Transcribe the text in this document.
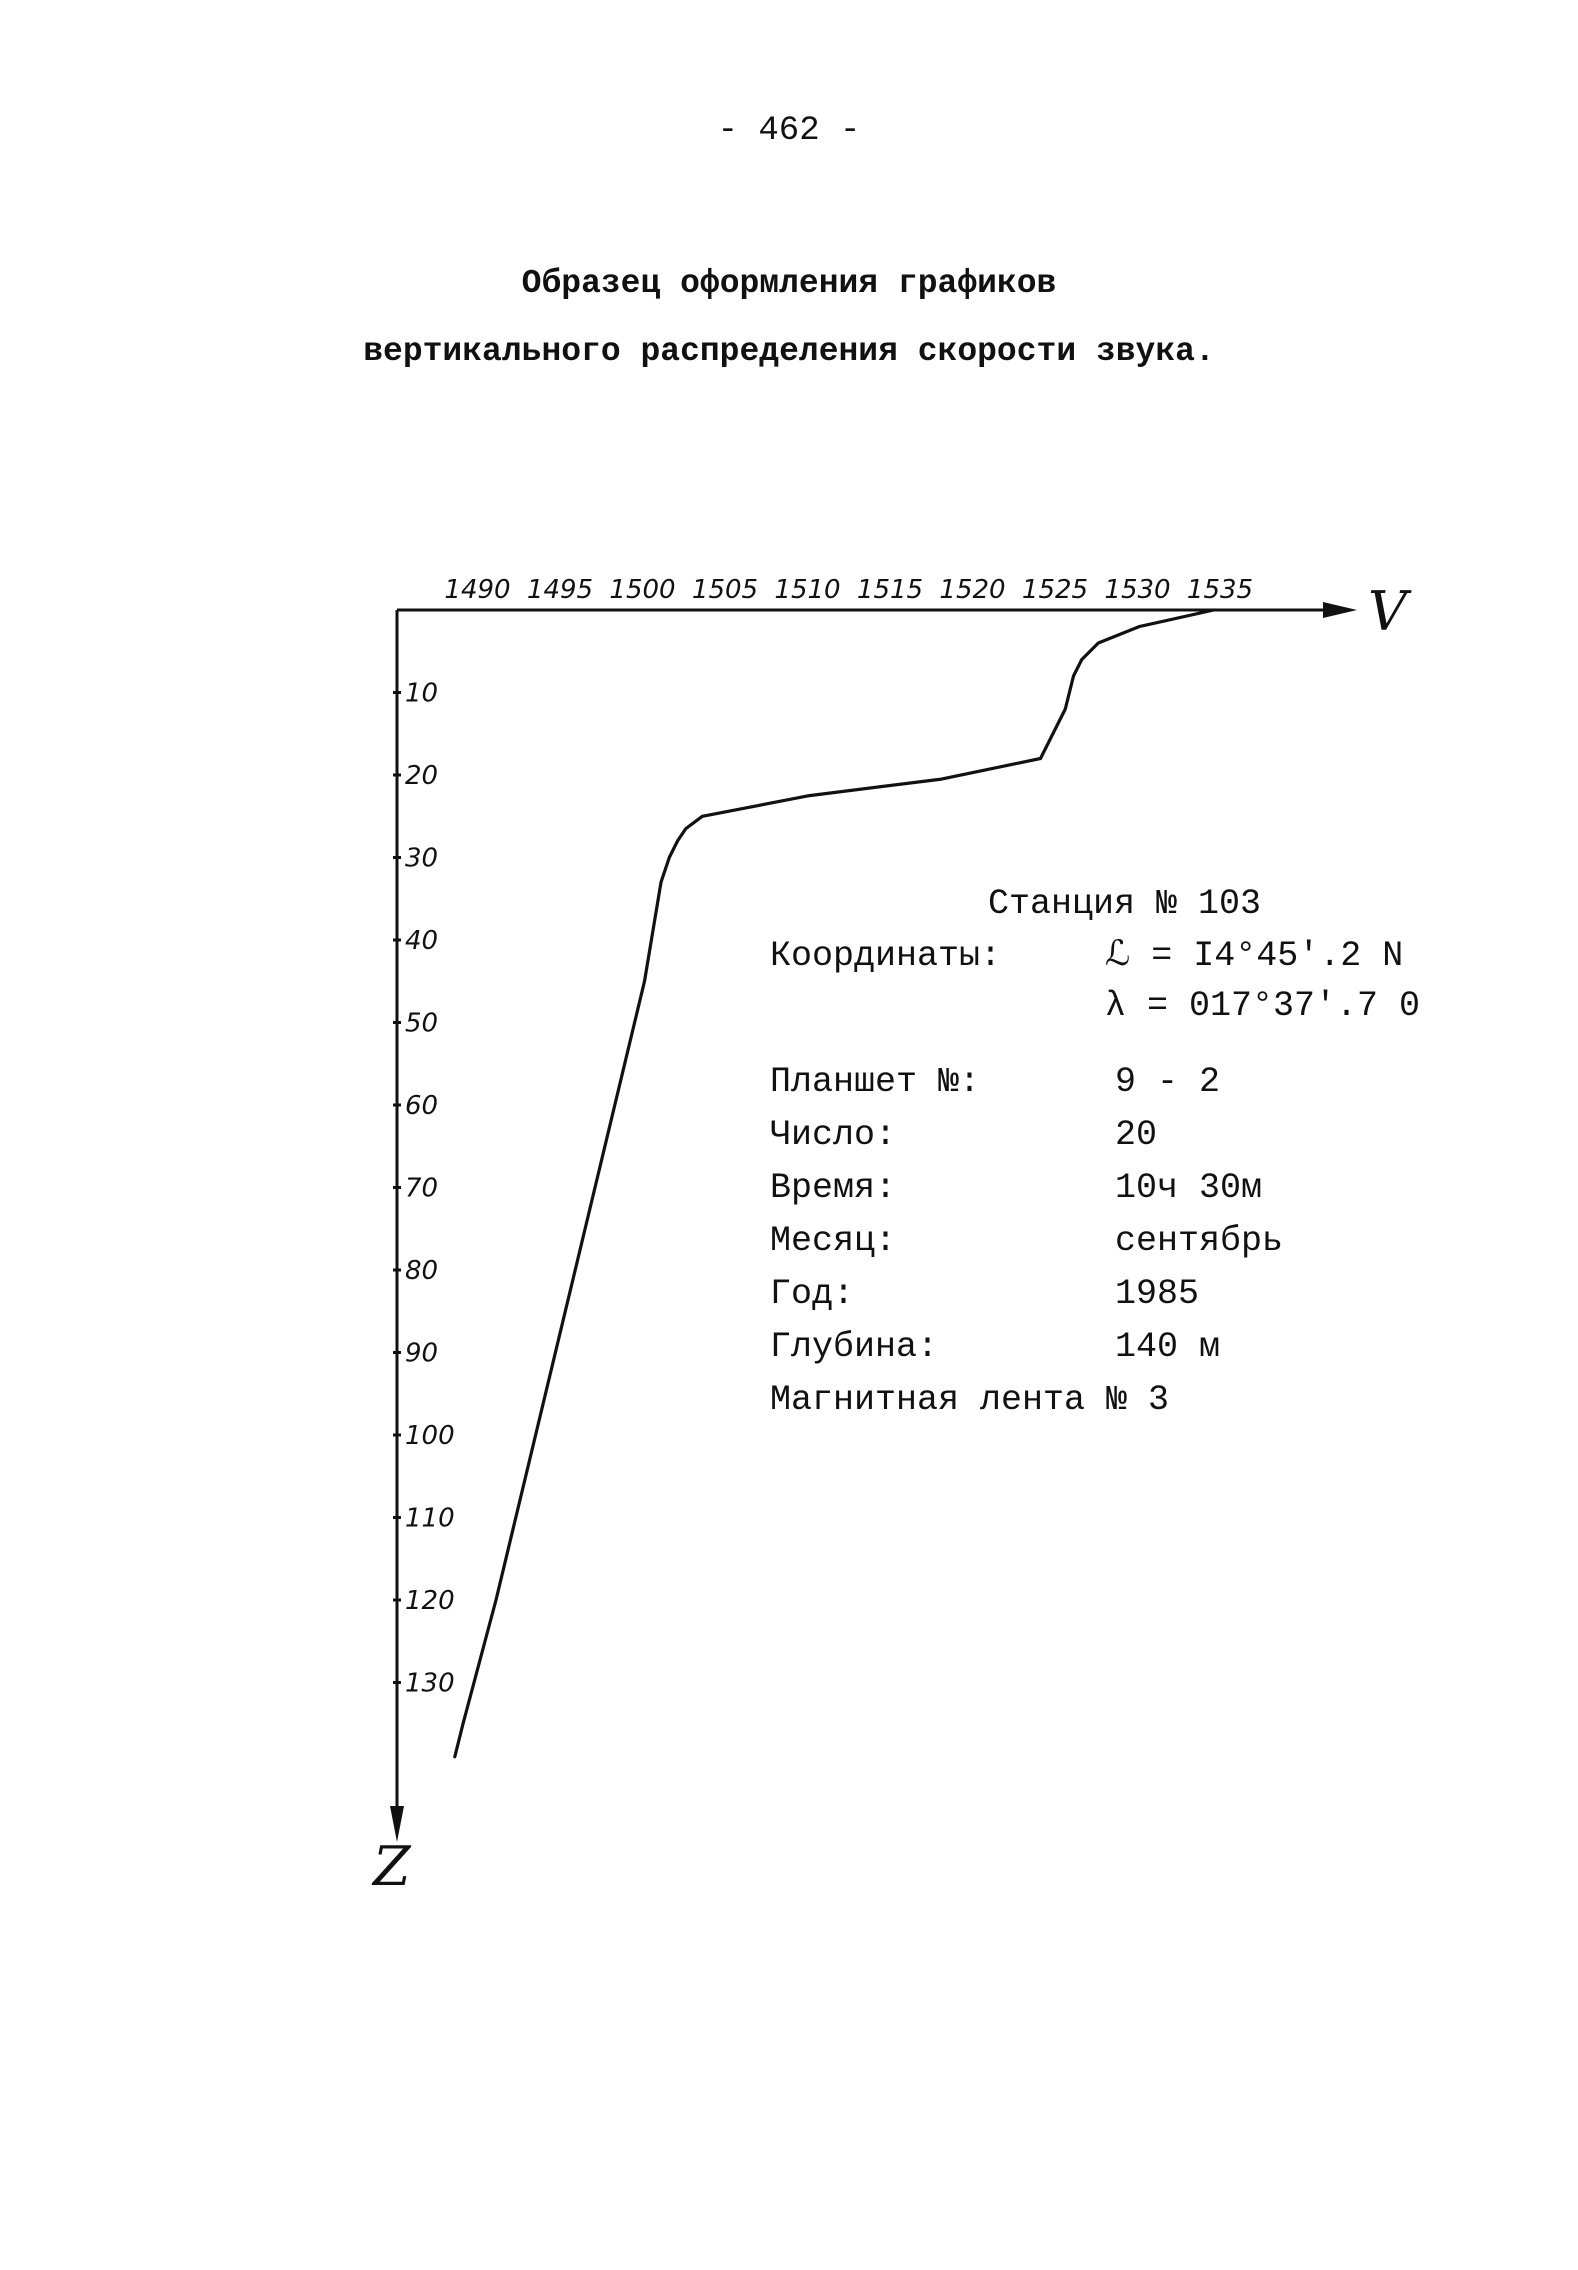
- 462 -
Образец оформления графиков
вертикального распределения скорости звука.
V
Z
1490 1495 1500 1505 1510 1515 1520 1525 1530 1535
10
20
30
40
50
60
70
80
90
100
110
120
130
Станция № 103
Координаты:	ℒ = I4°45'.2 N
λ = 017°37'.7 0
Планшет №:	9 - 2
Число:	20
Время:	10ч 30м
Месяц:	сентябрь
Год:	1985
Глубина:	140 м
Магнитная лента № 3
